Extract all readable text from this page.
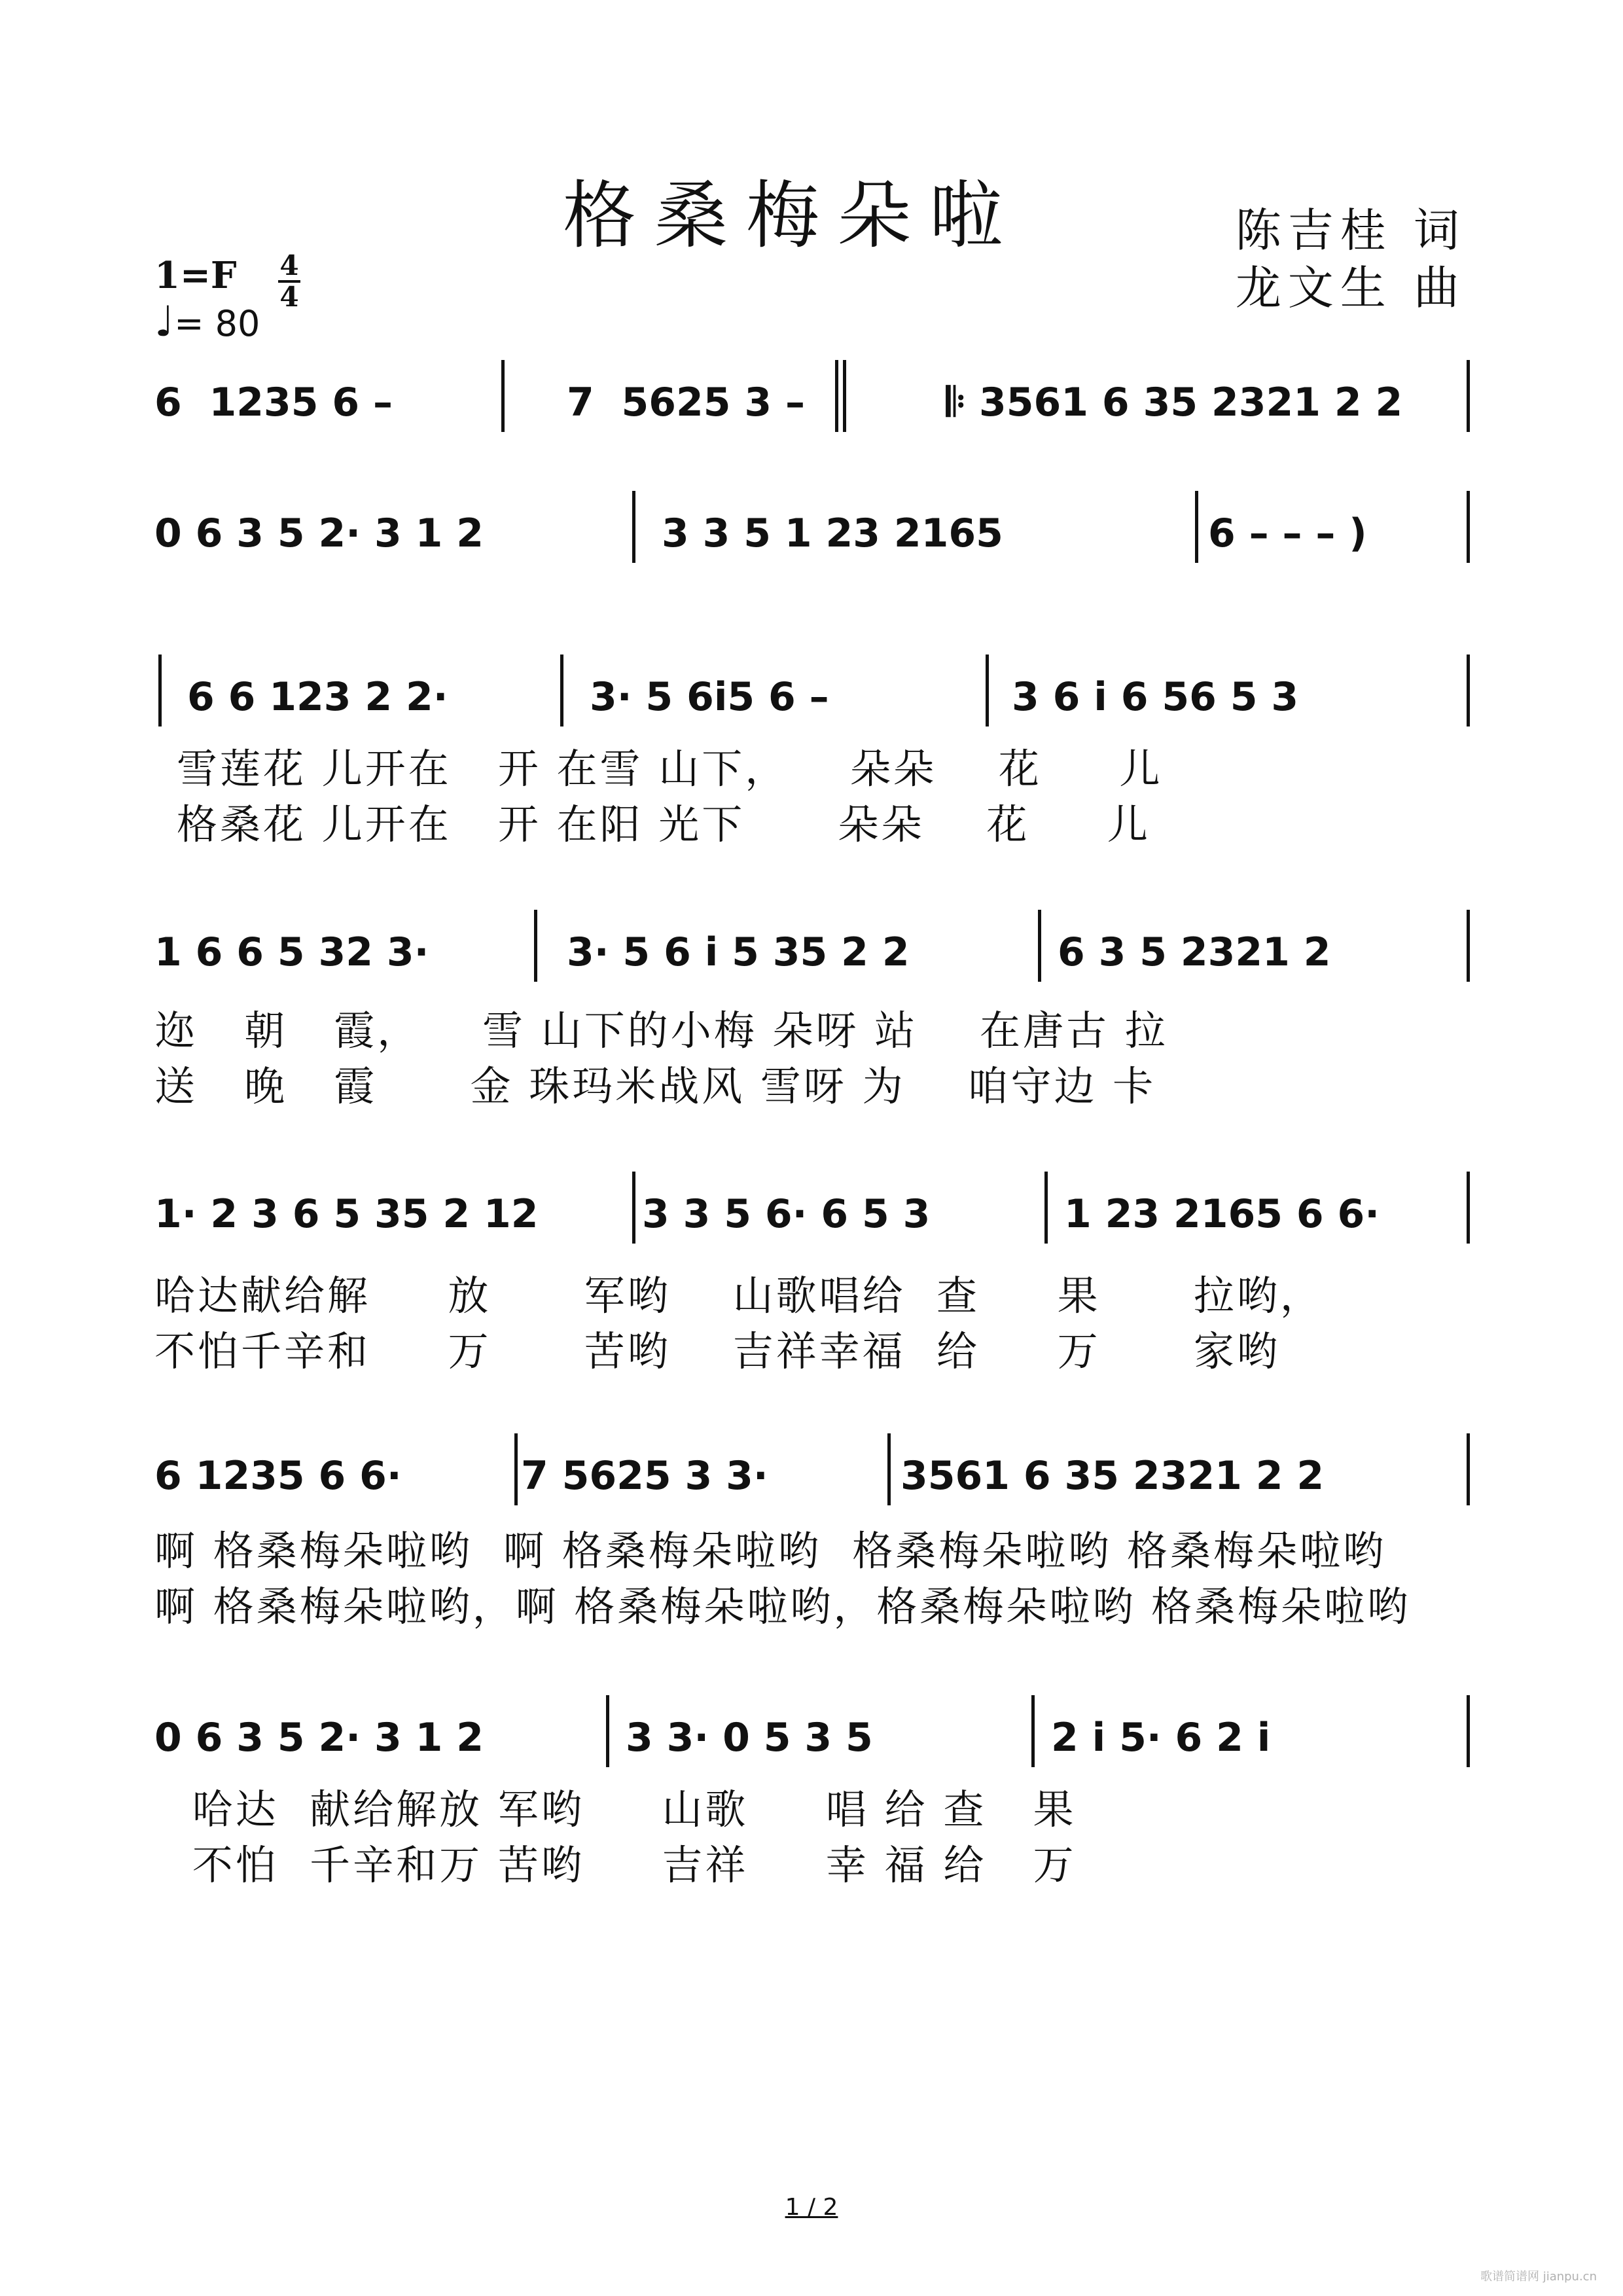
格桑梅朵啦	陈吉桂 词
龙文生 曲
1=F 4
4
♩= 80
6  1235 6 –	7  5625 3 –	𝄆 3561 6 35 2321 2 2
0 6 3 5 2· 3 1 2	3 3 5 1 23 2165	6 – – – )
6 6 123 2 2·	3· 5 6i5 6 –	3 6 i 6 56 5 3
雪莲花 儿开在   开 在雪 山下，    朵朵    花     儿
格桑花 儿开在   开 在阳 光下      朵朵    花     儿
1 6 6 5 32 3·	3· 5 6 i 5 35 2 2	6 3 5 2321 2
迩   朝   霞，    雪 山下的小梅 朵呀 站    在唐古 拉
送   晚   霞      金 珠玛米战风 雪呀 为    咱守边 卡
1· 2 3 6 5 35 2 12	3 3 5 6· 6 5 3	1 23 2165 6 6·
哈达献给解     放      军哟    山歌唱给  查     果      拉哟，
不怕千辛和     万      苦哟    吉祥幸福  给     万      家哟
6 1235 6 6·	7 5625 3 3·	3561 6 35 2321 2 2
啊 格桑梅朵啦哟  啊 格桑梅朵啦哟  格桑梅朵啦哟 格桑梅朵啦哟
啊 格桑梅朵啦哟，啊 格桑梅朵啦哟，格桑梅朵啦哟 格桑梅朵啦哟
0 6 3 5 2· 3 1 2	3 3· 0 5 3 5	2 i 5· 6 2 i
哈达  献给解放 军哟     山歌     唱 给 查   果
不怕  千辛和万 苦哟     吉祥     幸 福 给   万
1 / 2
歌谱简谱网 jianpu.cn
